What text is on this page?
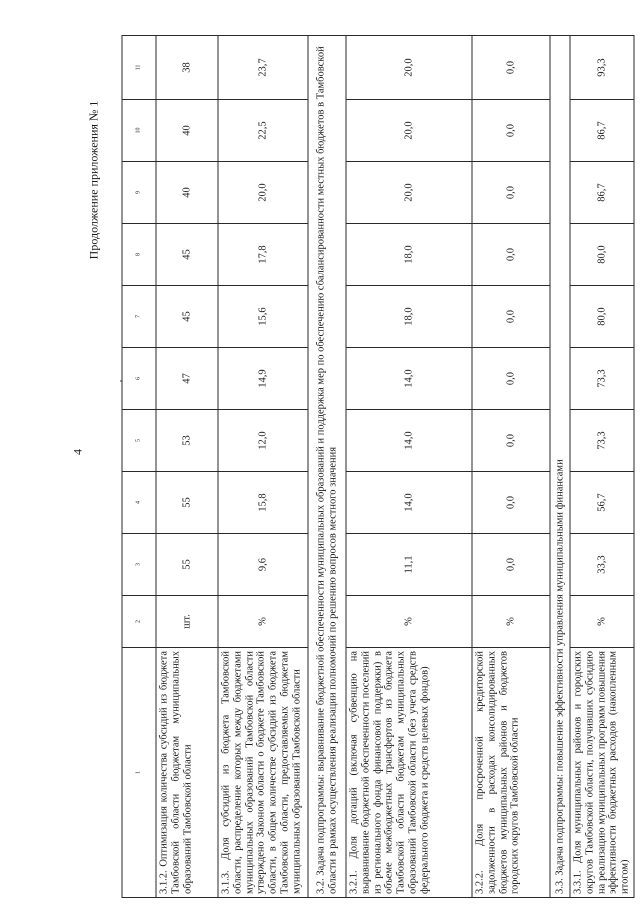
4
Продолжение приложения № 1
1	2	3	4	5	6	7	8	9	10	11
3.1.2. Оптимизация количества субсидий из бюджета Тамбовской области бюджетам муниципальных образований Тамбовской области	шт.	55	55	53	47	45	45	40	40	38
3.1.3. Доля субсидий из бюджета Тамбовской области, распределение которых между бюджетами муниципальных образований Тамбовской области утверждено Законом области о бюджете Тамбовской области, в общем количестве субсидий из бюджета Тамбовской области, предоставляемых бюджетам муниципальных образований Тамбовской области	%	9,6	15,8	12,0	14,9	15,6	17,8	20,0	22,5	23,7
3.2. Задача подпрограммы: выравнивание бюджетной обеспеченности муниципальных образований и поддержка мер по обеспечению сбалансированности местных бюджетов в Тамбовской области в рамках осуществления реализации полномочий по решению вопросов местного значения										
3.2.1. Доля дотаций (включая субвенцию на выравнивание бюджетной обеспеченности поселений из регионального фонда финансовой поддержки) в объеме межбюджетных трансфертов из бюджета Тамбовской области бюджетам муниципальных образований Тамбовской области (без учета средств федерального бюджета и средств целевых фондов)	%	11,1	14,0	14,0	14,0	18,0	18,0	20,0	20,0	20,0
3.2.2. Доля просроченной кредиторской задолженности в расходах консолидированных бюджетов муниципальных районов и бюджетов городских округов Тамбовской области	%	0,0	0,0	0,0	0,0	0,0	0,0	0,0	0,0	0,0
3.3. Задача подпрограммы: повышение эффективности управления муниципальными финансами										
3.3.1. Доля муниципальных районов и городских округов Тамбовской области, получивших субсидию на реализацию муниципальных программ повышения эффективности бюджетных расходов (накопленным итогом)	%	33,3	56,7	73,3	73,3	80,0	80,0	86,7	86,7	93,3
